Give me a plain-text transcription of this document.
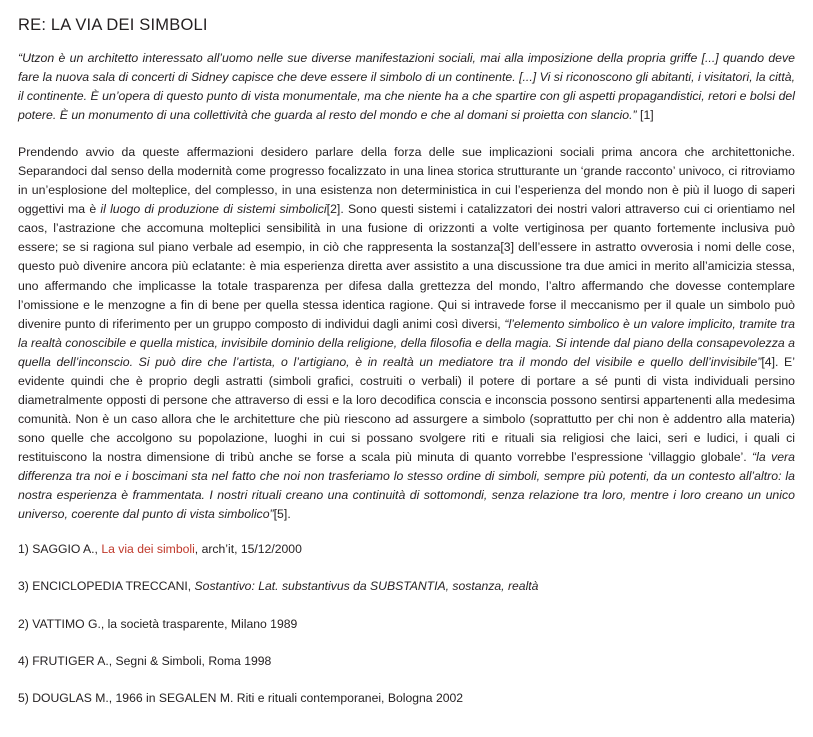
RE: LA VIA DEI SIMBOLI

“Utzon è un architetto interessato all’uomo nelle sue diverse manifestazioni sociali, mai alla imposizione della propria griffe [...] quando deve fare la nuova sala di concerti di Sidney capisce che deve essere il simbolo di un continente. [...] Vi si riconoscono gli abitanti, i visitatori, la città, il continente. È un’opera di questo punto di vista monumentale, ma che niente ha a che spartire con gli aspetti propagandistici, retori e bolsi del potere. È un monumento di una collettività che guarda al resto del mondo e che al domani si proietta con slancio.” [1]

Prendendo avvio da queste affermazioni desidero parlare della forza delle sue implicazioni sociali prima ancora che architettoniche. Separandoci dal senso della modernità come progresso focalizzato in una linea storica strutturante un ‘grande racconto’ univoco, ci ritroviamo in un’esplosione del molteplice, del complesso, in una esistenza non deterministica in cui l’esperienza del mondo non è più il luogo di saperi oggettivi ma è il luogo di produzione di sistemi simbolici[2]. Sono questi sistemi i catalizzatori dei nostri valori attraverso cui ci orientiamo nel caos, l’astrazione che accomuna molteplici sensibilità in una fusione di orizzonti a volte vertiginosa per quanto fortemente inclusiva può essere; se si ragiona sul piano verbale ad esempio, in ciò che rappresenta la sostanza[3] dell’essere in astratto ovverosia i nomi delle cose, questo può divenire ancora più eclatante: è mia esperienza diretta aver assistito a una discussione tra due amici in merito all’amicizia stessa, uno affermando che implicasse la totale trasparenza per difesa dalla grettezza del mondo, l’altro affermando che dovesse contemplare l’omissione e le menzogne a fin di bene per quella stessa identica ragione. Qui si intravede forse il meccanismo per il quale un simbolo può divenire punto di riferimento per un gruppo composto di individui dagli animi così diversi, “l’elemento simbolico è un valore implicito, tramite tra la realtà conoscibile e quella mistica, invisibile dominio della religione, della filosofia e della magia. Si intende dal piano della consapevolezza a quella dell’inconscio. Si può dire che l’artista, o l’artigiano, è in realtà un mediatore tra il mondo del visibile e quello dell’invisibile”[4]. E’ evidente quindi che è proprio degli astratti (simboli grafici, costruiti o verbali) il potere di portare a sé punti di vista individuali persino diametralmente opposti di persone che attraverso di essi e la loro decodifica conscia e inconscia possono sentirsi appartenenti alla medesima comunità. Non è un caso allora che le architetture che più riescono ad assurgere a simbolo (soprattutto per chi non è addentro alla materia) sono quelle che accolgono su popolazione, luoghi in cui si possano svolgere riti e rituali sia religiosi che laici, seri e ludici, i quali ci restituiscono la nostra dimensione di tribù anche se forse a scala più minuta di quanto vorrebbe l’espressione ‘villaggio globale’. “la vera differenza tra noi e i boscimani sta nel fatto che noi non trasferiamo lo stesso ordine di simboli, sempre più potenti, da un contesto all’altro: la nostra esperienza è frammentata. I nostri rituali creano una continuità di sottomondi, senza relazione tra loro, mentre i loro creano un unico universo, coerente dal punto di vista simbolico”[5].

1) SAGGIO A., La via dei simboli, arch’it, 15/12/2000

3) ENCICLOPEDIA TRECCANI, Sostantivo: Lat. substantivus da SUBSTANTIA, sostanza, realtà

2) VATTIMO G., la società trasparente, Milano 1989

4) FRUTIGER A., Segni & Simboli, Roma 1998

5) DOUGLAS M., 1966 in SEGALEN M. Riti e rituali contemporanei, Bologna 2002
